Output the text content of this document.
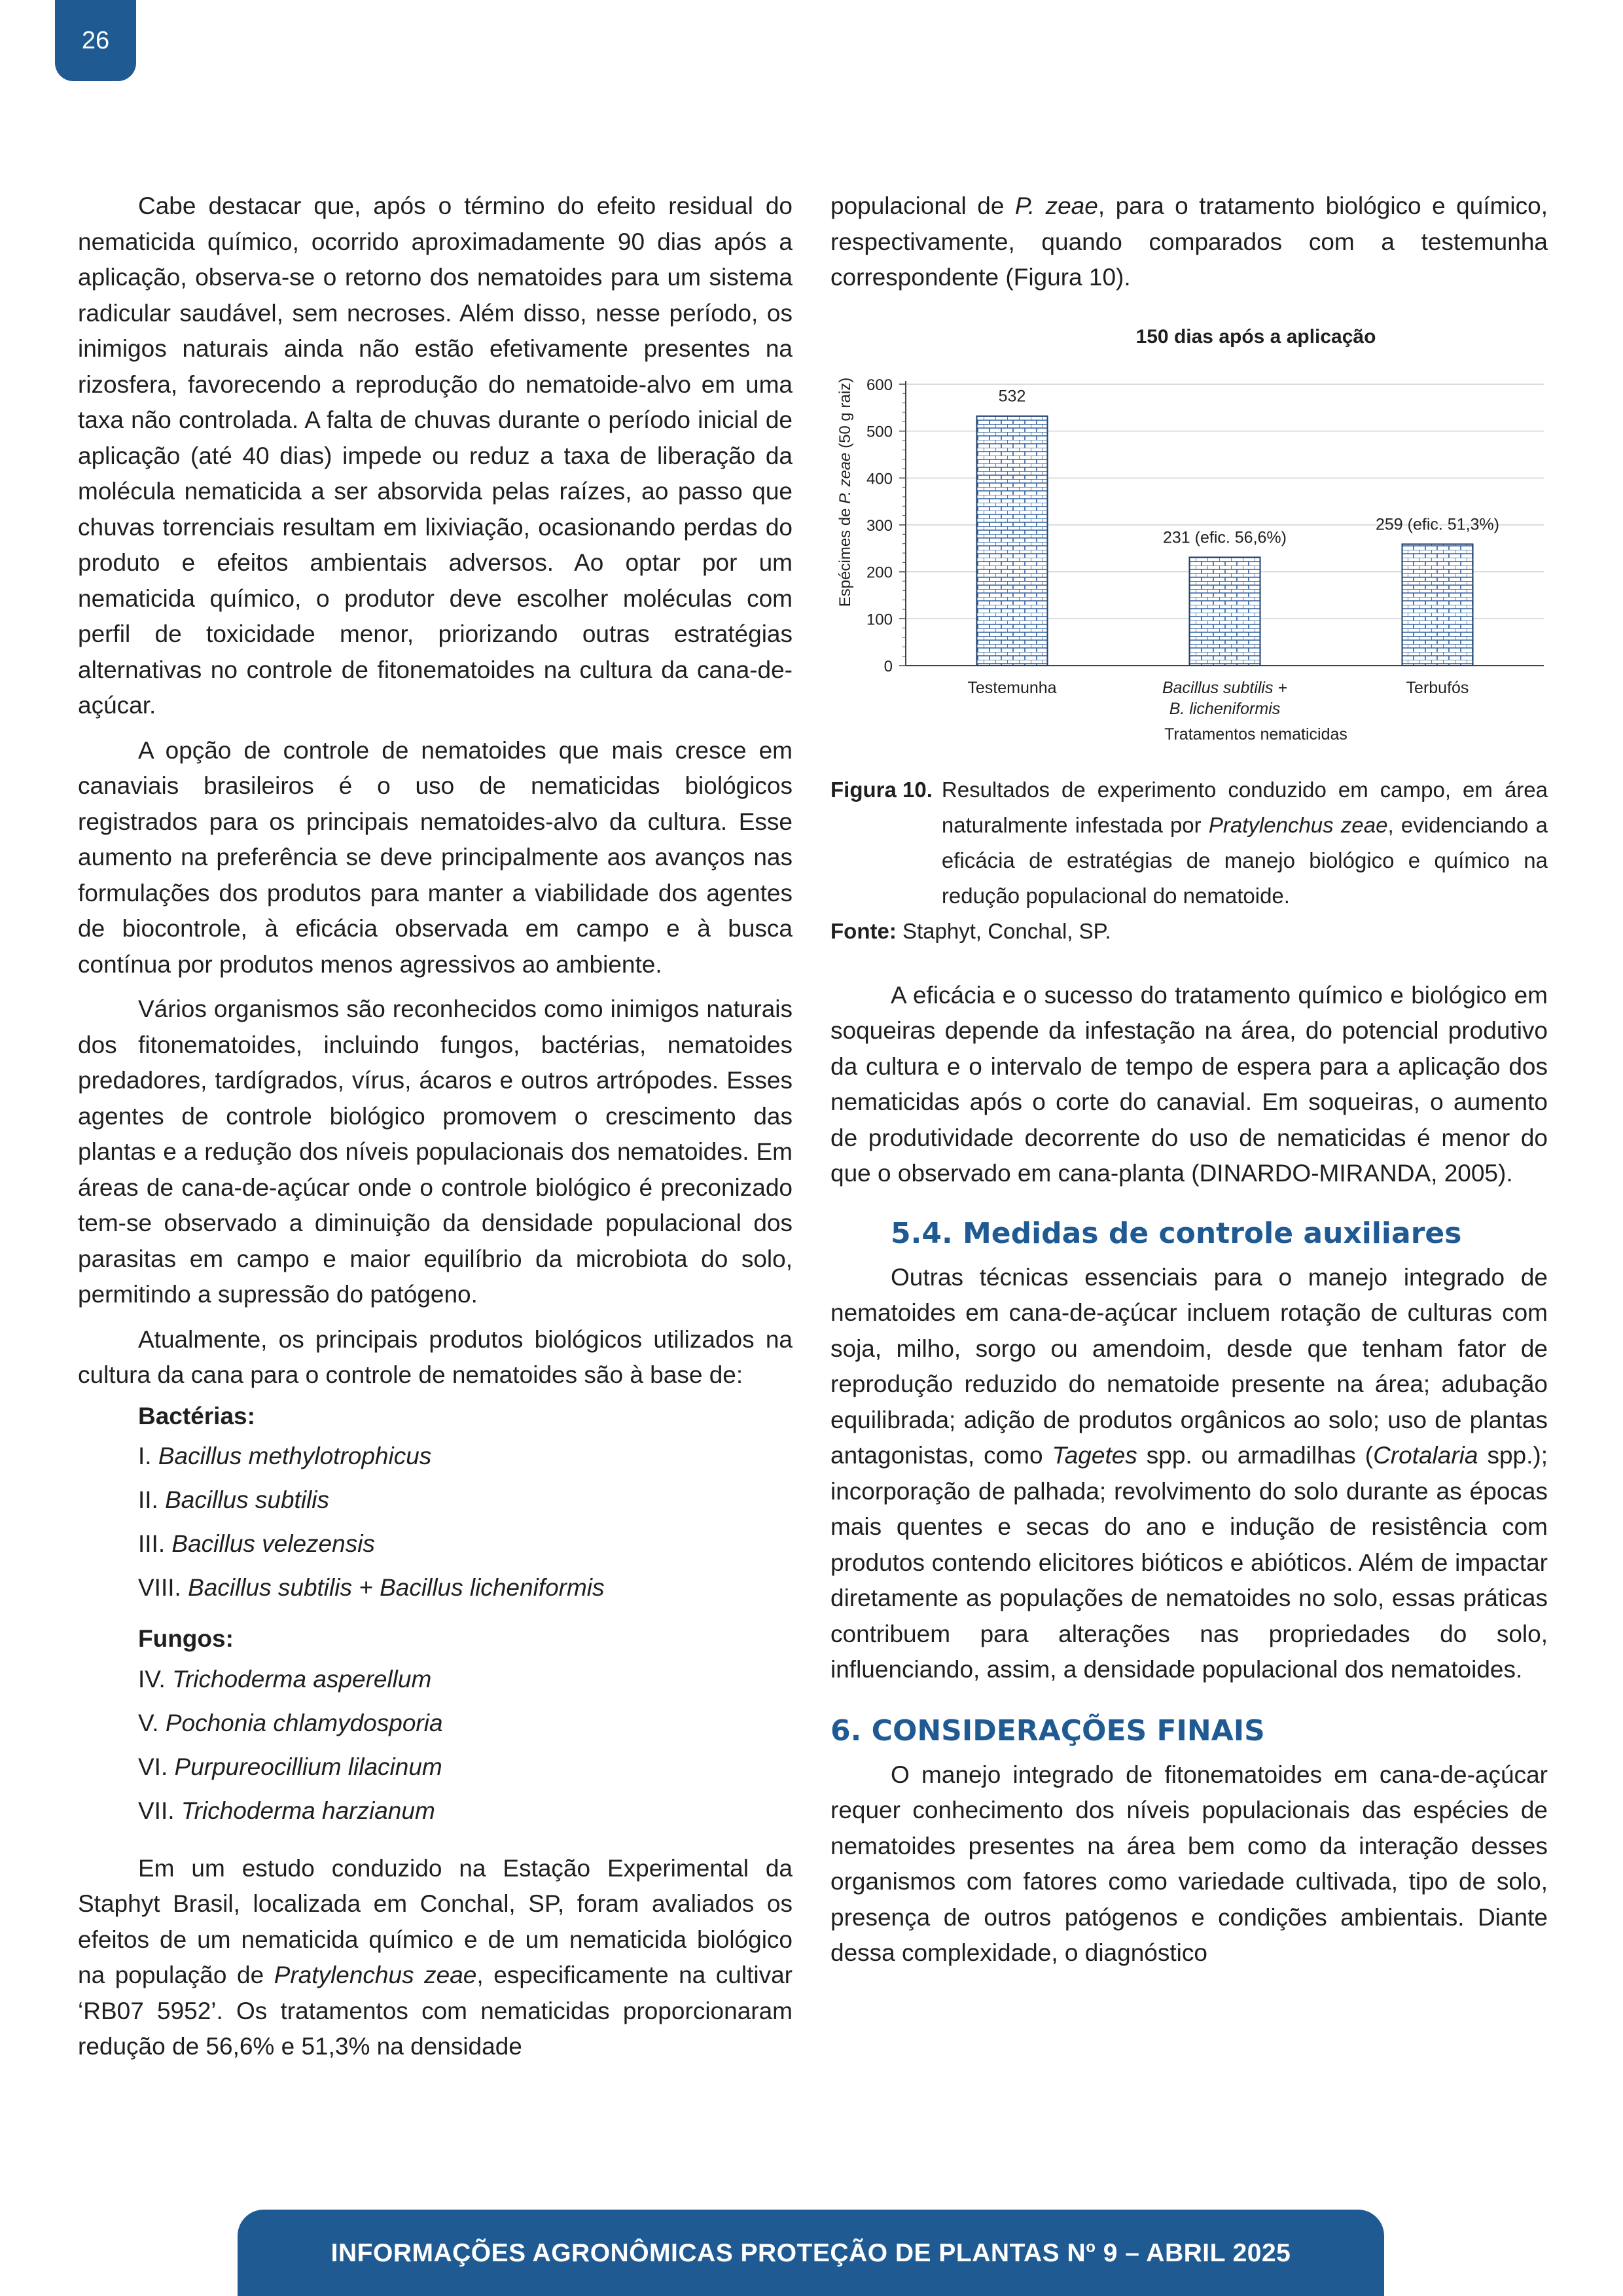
26

Cabe destacar que, após o término do efeito residual do nematicida químico, ocorrido aproximadamente 90 dias após a aplicação, observa-se o retorno dos nematoides para um sistema radicular saudável, sem necroses. Além disso, nesse período, os inimigos naturais ainda não estão efetivamente presentes na rizosfera, favorecendo a reprodução do nematoide-alvo em uma taxa não controlada. A falta de chuvas durante o período inicial de aplicação (até 40 dias) impede ou reduz a taxa de liberação da molécula nematicida a ser absorvida pelas raízes, ao passo que chuvas torrenciais resultam em lixiviação, ocasionando perdas do produto e efeitos ambientais adversos. Ao optar por um nematicida químico, o produtor deve escolher moléculas com perfil de toxicidade menor, priorizando outras estratégias alternativas no controle de fitonematoides na cultura da cana-de-açúcar.

A opção de controle de nematoides que mais cresce em canaviais brasileiros é o uso de nematicidas biológicos registrados para os principais nematoides-alvo da cultura. Esse aumento na preferência se deve principalmente aos avanços nas formulações dos produtos para manter a viabilidade dos agentes de biocontrole, à eficácia observada em campo e à busca contínua por produtos menos agressivos ao ambiente.

Vários organismos são reconhecidos como inimigos naturais dos fitonematoides, incluindo fungos, bactérias, nematoides predadores, tardígrados, vírus, ácaros e outros artrópodes. Esses agentes de controle biológico promovem o crescimento das plantas e a redução dos níveis populacionais dos nematoides. Em áreas de cana-de-açúcar onde o controle biológico é preconizado tem-se observado a diminuição da densidade populacional dos parasitas em campo e maior equilíbrio da microbiota do solo, permitindo a supressão do patógeno.

Atualmente, os principais produtos biológicos utilizados na cultura da cana para o controle de nematoides são à base de:

Bactérias:
I. Bacillus methylotrophicus
II. Bacillus subtilis
III. Bacillus velezensis
VIII. Bacillus subtilis + Bacillus licheniformis
Fungos:
IV. Trichoderma asperellum
V. Pochonia chlamydosporia
VI. Purpureocillium lilacinum
VII. Trichoderma harzianum

Em um estudo conduzido na Estação Experimental da Staphyt Brasil, localizada em Conchal, SP, foram avaliados os efeitos de um nematicida químico e de um nematicida biológico na população de Pratylenchus zeae, especificamente na cultivar ‘RB07 5952’. Os tratamentos com nematicidas proporcionaram redução de 56,6% e 51,3% na densidade

populacional de P. zeae, para o tratamento biológico e químico, respectivamente, quando comparados com a testemunha correspondente (Figura 10).

150 dias após a aplicação
0
100
200
300
400
500
600
532
Testemunha
231 (efic. 56,6%)
Bacillus subtilis +
B. licheniformis
259 (efic. 51,3%)
Terbufós
Espécimes de P. zeae (50 g raiz)
Tratamentos nematicidas
Figura 10. Resultados de experimento conduzido em campo, em área naturalmente infestada por Pratylenchus zeae, evidenciando a eficácia de estratégias de manejo biológico e químico na redução populacional do nematoide.
Fonte: Staphyt, Conchal, SP.

A eficácia e o sucesso do tratamento químico e biológico em soqueiras depende da infestação na área, do potencial produtivo da cultura e o intervalo de tempo de espera para a aplicação dos nematicidas após o corte do canavial. Em soqueiras, o aumento de produtividade decorrente do uso de nematicidas é menor do que o observado em cana-planta (DINARDO-MIRANDA, 2005).

5.4. Medidas de controle auxiliares

Outras técnicas essenciais para o manejo integrado de nematoides em cana-de-açúcar incluem rotação de culturas com soja, milho, sorgo ou amendoim, desde que tenham fator de reprodução reduzido do nematoide presente na área; adubação equilibrada; adição de produtos orgânicos ao solo; uso de plantas antagonistas, como Tagetes spp. ou armadilhas (Crotalaria spp.); incorporação de palhada; revolvimento do solo durante as épocas mais quentes e secas do ano e indução de resistência com produtos contendo elicitores bióticos e abióticos. Além de impactar diretamente as populações de nematoides no solo, essas práticas contribuem para alterações nas propriedades do solo, influenciando, assim, a densidade populacional dos nematoides.

6. CONSIDERAÇÕES FINAIS

O manejo integrado de fitonematoides em cana-de-açúcar requer conhecimento dos níveis populacionais das espécies de nematoides presentes na área bem como da interação desses organismos com fatores como variedade cultivada, tipo de solo, presença de outros patógenos e condições ambientais. Diante dessa complexidade, o diagnóstico

INFORMAÇÕES AGRONÔMICAS PROTEÇÃO DE PLANTAS $N^o$ 9 – ABRIL 2025
